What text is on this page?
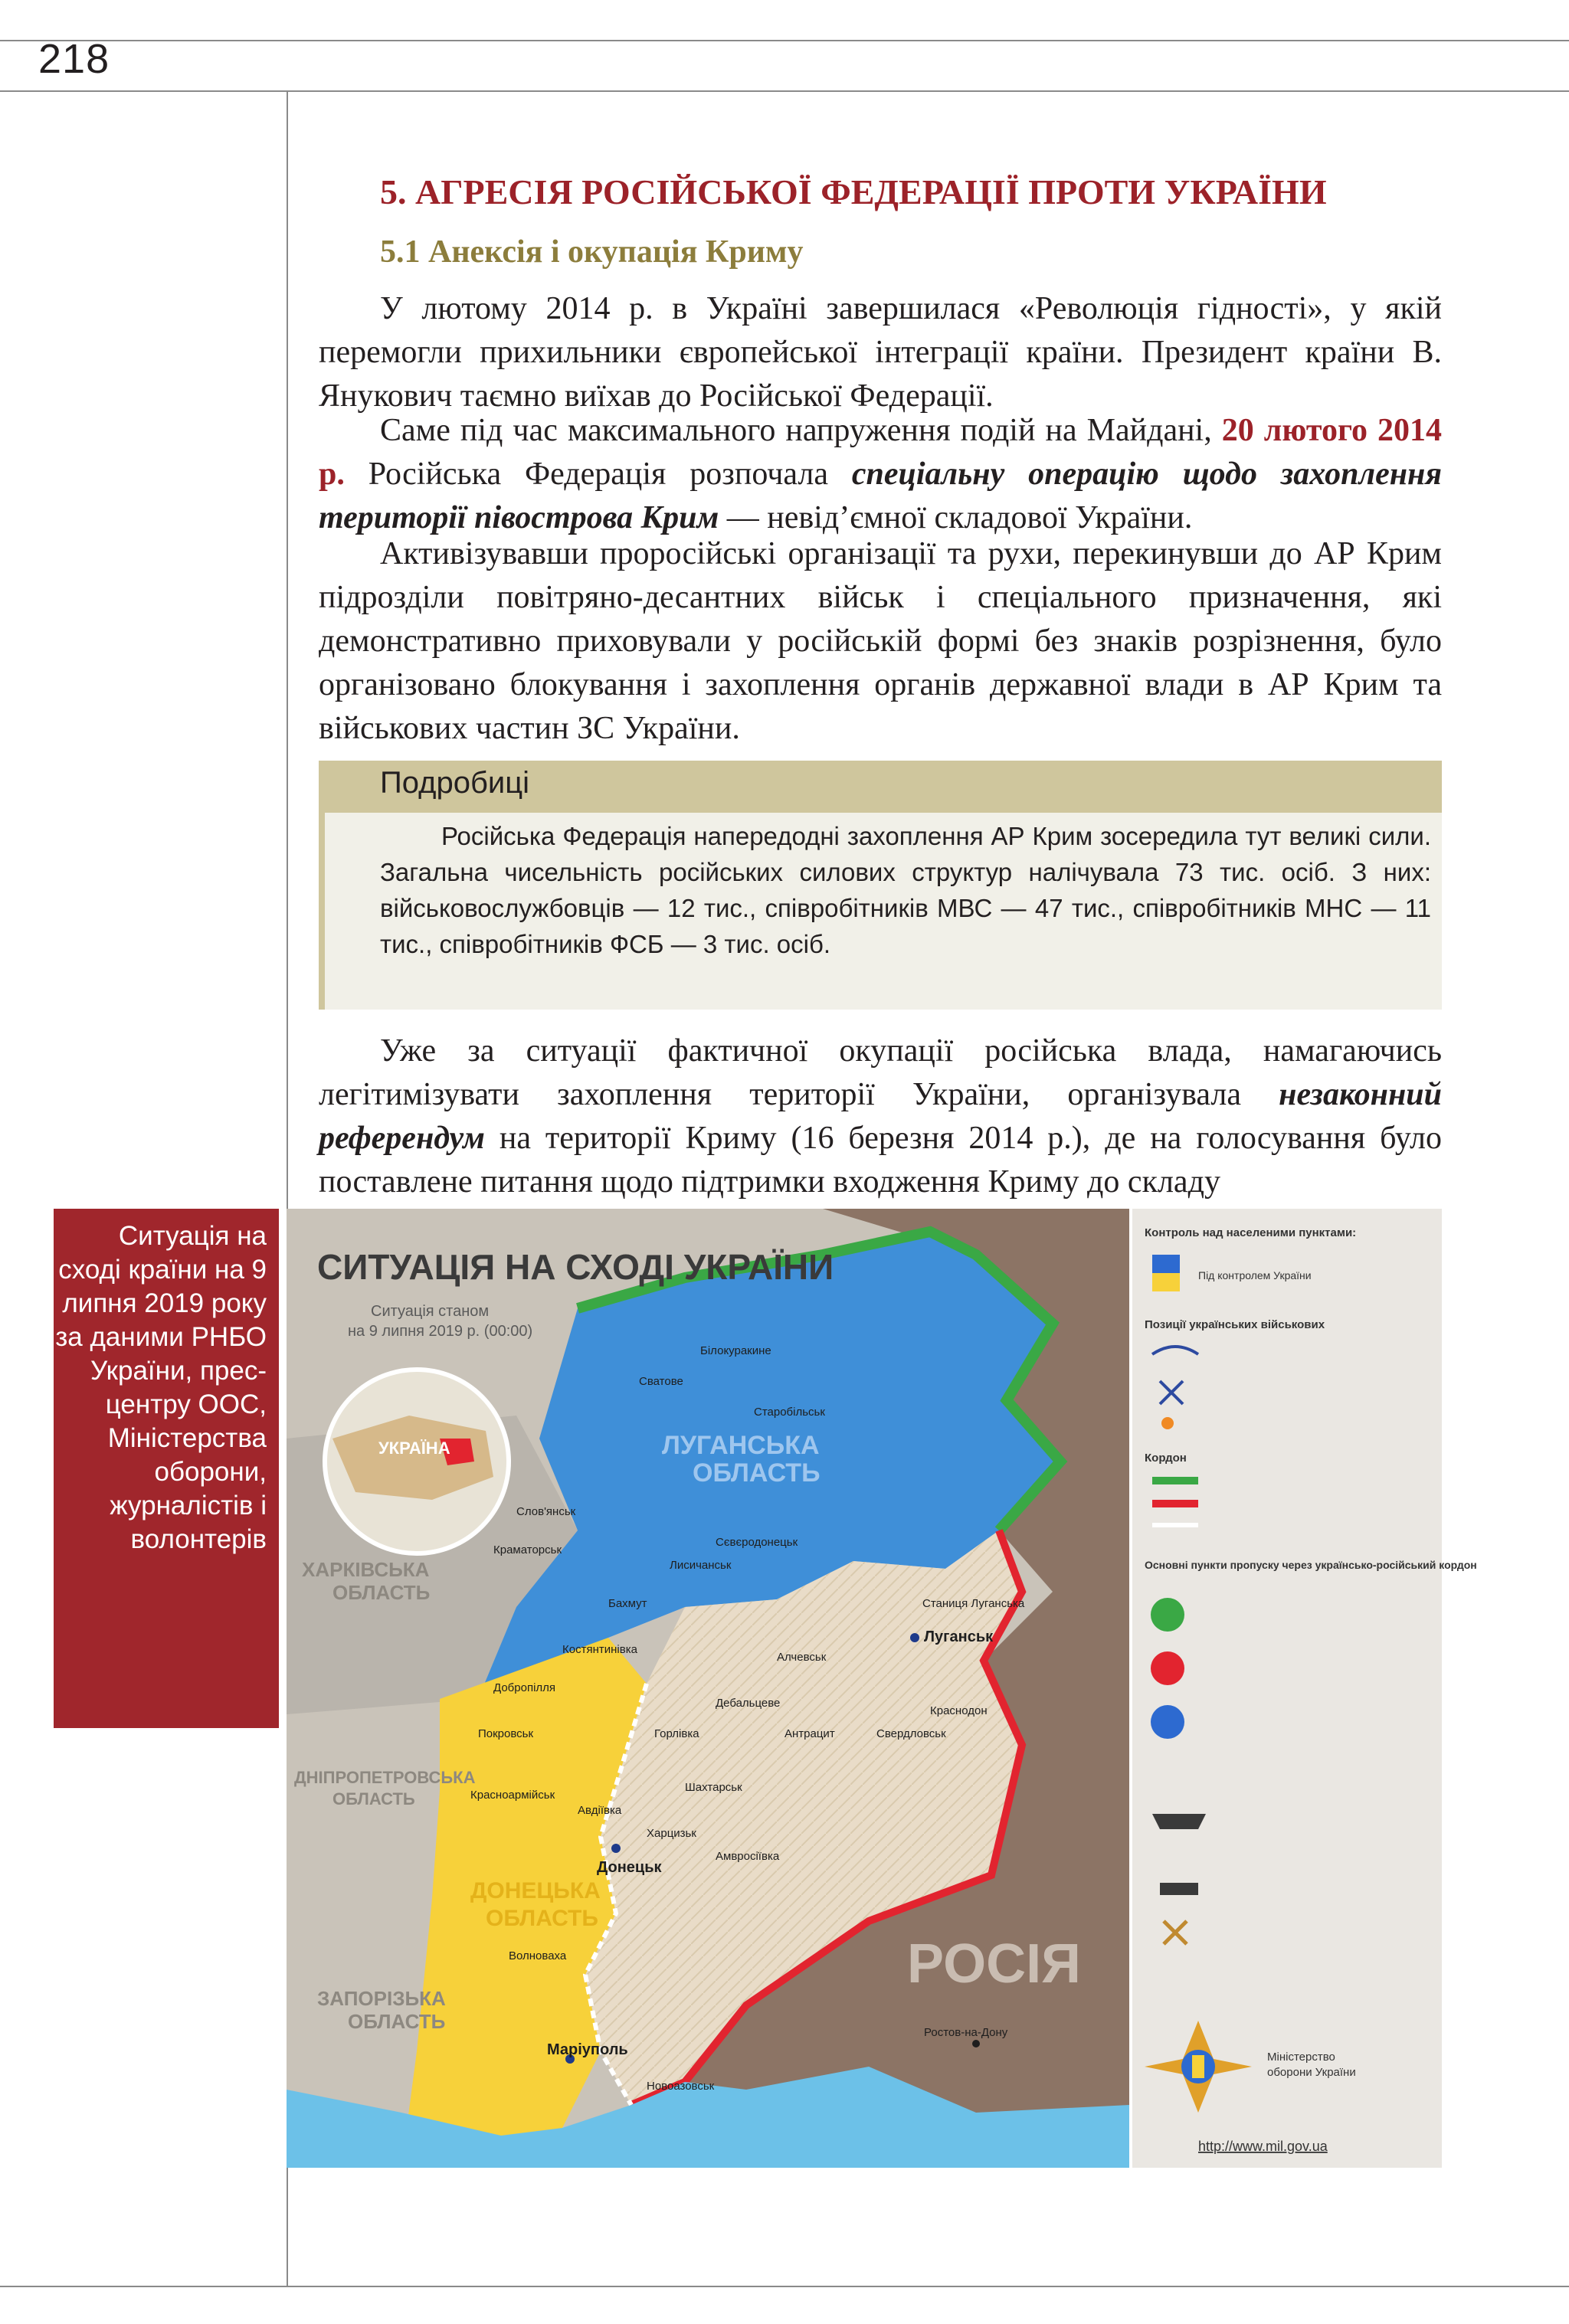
218
5. АГРЕСІЯ РОСІЙСЬКОЇ ФЕДЕРАЦІЇ ПРОТИ УКРАЇНИ
5.1 Анексія і окупація Криму

У лютому 2014 р. в Україні завершилася «Революція гідності», у якій перемогли прихильники європейської інтеграції країни. Президент країни В. Янукович таємно виїхав до Російської Федерації.

Саме під час максимального напруження подій на Майдані, 20 лютого 2014 р. Російська Федерація розпочала спеціальну операцію щодо захоплення території півострова Крим — невід’ємної складової України.

Активізувавши проросійські організації та рухи, перекинувши до АР Крим підрозділи повітряно-десантних військ і спеціального призначення, які демонстративно приховували у російській формі без знаків розрізнення, було організовано блокування і захоплення органів державної влади в АР Крим та військових частин ЗС України.

Подробиці

Російська Федерація напередодні захоплення АР Крим зосередила тут великі сили. Загальна чисельність російських силових структур налічувала 73 тис. осіб. З них: військовослужбовців — 12 тис., співробітників МВС — 47 тис., співробітників МНС — 11 тис., співробітників ФСБ — 3 тис. осіб.

Уже за ситуації фактичної окупації російська влада, намагаючись легітимізувати захоплення території України, організувала незаконний референдум на території Криму (16 березня 2014 р.), де на голосування було поставлене питання щодо підтримки входження Криму до складу

Ситуація на сході країни на 9 липня 2019 року за даними РНБО України, прес-центру ООС, Міністерства оборони, журналістів і волонтерів
СИТУАЦІЯ НА СХОДІ УКРАЇНИ
Ситуація станом
на 9 липня 2019 р. (00:00)
УКРАЇНА
ХАРКІВСЬКА
ОБЛАСТЬ
ЛУГАНСЬКА
ОБЛАСТЬ
ДНІПРОПЕТРОВСЬКА
ОБЛАСТЬ
ДОНЕЦЬКА
ОБЛАСТЬ
ЗАПОРІЗЬКА
ОБЛАСТЬ
РОСІЯ
Луганськ
Донецьк
Маріуполь
Ростов-на-Дону
Краматорськ
Слов'янськ
Сєвєродонецьк
Лисичанськ
Бахмут
Костянтинівка
Покровськ
Авдіївка
Горлівка
Дебальцеве
Алчевськ
Краснодон
Свердловськ
Антрацит
Шахтарськ
Амвросіївка
Волноваха
Новоазовськ
Красноармійськ
Старобільськ
Сватове
Білокуракине
Станиця Луганська
Харцизьк
Добропілля
Контроль над населеними пунктами:
Під контролем України
Позиції українських військових
Кордон
Основні пункти пропуску через українсько-російський кордон
Міністерство
оборони України
http://www.mil.gov.ua
